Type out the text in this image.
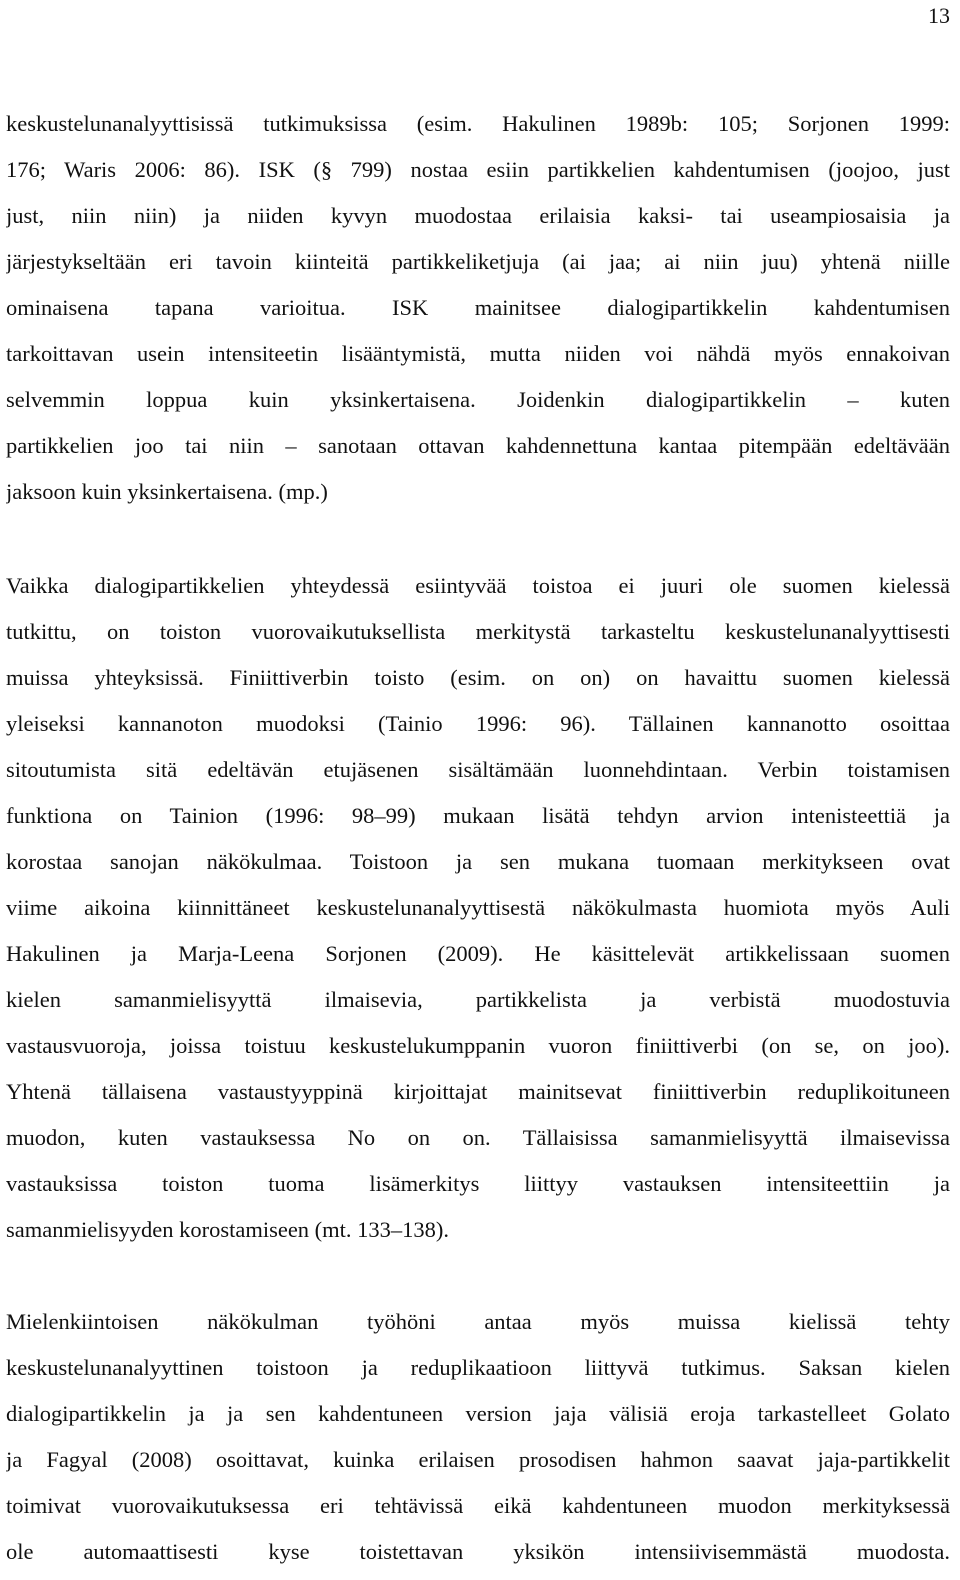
13
keskustelunanalyyttisissä tutkimuksissa (esim. Hakulinen 1989b: 105; Sorjonen 1999:
176; Waris 2006: 86). ISK (§ 799) nostaa esiin partikkelien kahdentumisen (joojoo, just
just, niin niin) ja niiden kyvyn muodostaa erilaisia kaksi- tai useampiosaisia ja
järjestykseltään eri tavoin kiinteitä partikkeliketjuja (ai jaa; ai niin juu) yhtenä niille
ominaisena tapana varioitua. ISK mainitsee dialogipartikkelin kahdentumisen
tarkoittavan usein intensiteetin lisääntymistä, mutta niiden voi nähdä myös ennakoivan
selvemmin loppua kuin yksinkertaisena. Joidenkin dialogipartikkelin – kuten
partikkelien joo tai niin – sanotaan ottavan kahdennettuna kantaa pitempään edeltävään
jaksoon kuin yksinkertaisena. (mp.)
Vaikka dialogipartikkelien yhteydessä esiintyvää toistoa ei juuri ole suomen kielessä
tutkittu, on toiston vuorovaikutuksellista merkitystä tarkasteltu keskustelunanalyyttisesti
muissa yhteyksissä. Finiittiverbin toisto (esim. on on) on havaittu suomen kielessä
yleiseksi kannanoton muodoksi (Tainio 1996: 96). Tällainen kannanotto osoittaa
sitoutumista sitä edeltävän etujäsenen sisältämään luonnehdintaan. Verbin toistamisen
funktiona on Tainion (1996: 98–99) mukaan lisätä tehdyn arvion intenisteettiä ja
korostaa sanojan näkökulmaa. Toistoon ja sen mukana tuomaan merkitykseen ovat
viime aikoina kiinnittäneet keskustelunanalyyttisestä näkökulmasta huomiota myös Auli
Hakulinen ja Marja-Leena Sorjonen (2009). He käsittelevät artikkelissaan suomen
kielen samanmielisyyttä ilmaisevia, partikkelista ja verbistä muodostuvia
vastausvuoroja, joissa toistuu keskustelukumppanin vuoron finiittiverbi (on se, on joo).
Yhtenä tällaisena vastaustyyppinä kirjoittajat mainitsevat finiittiverbin reduplikoituneen
muodon, kuten vastauksessa No on on. Tällaisissa samanmielisyyttä ilmaisevissa
vastauksissa toiston tuoma lisämerkitys liittyy vastauksen intensiteettiin ja
samanmielisyyden korostamiseen (mt. 133–138).
Mielenkiintoisen näkökulman työhöni antaa myös muissa kielissä tehty
keskustelunanalyyttinen toistoon ja reduplikaatioon liittyvä tutkimus. Saksan kielen
dialogipartikkelin ja ja sen kahdentuneen version jaja välisiä eroja tarkastelleet Golato
ja Fagyal (2008) osoittavat, kuinka erilaisen prosodisen hahmon saavat jaja-partikkelit
toimivat vuorovaikutuksessa eri tehtävissä eikä kahdentuneen muodon merkityksessä
ole automaattisesti kyse toistettavan yksikön intensiivisemmästä muodosta.
